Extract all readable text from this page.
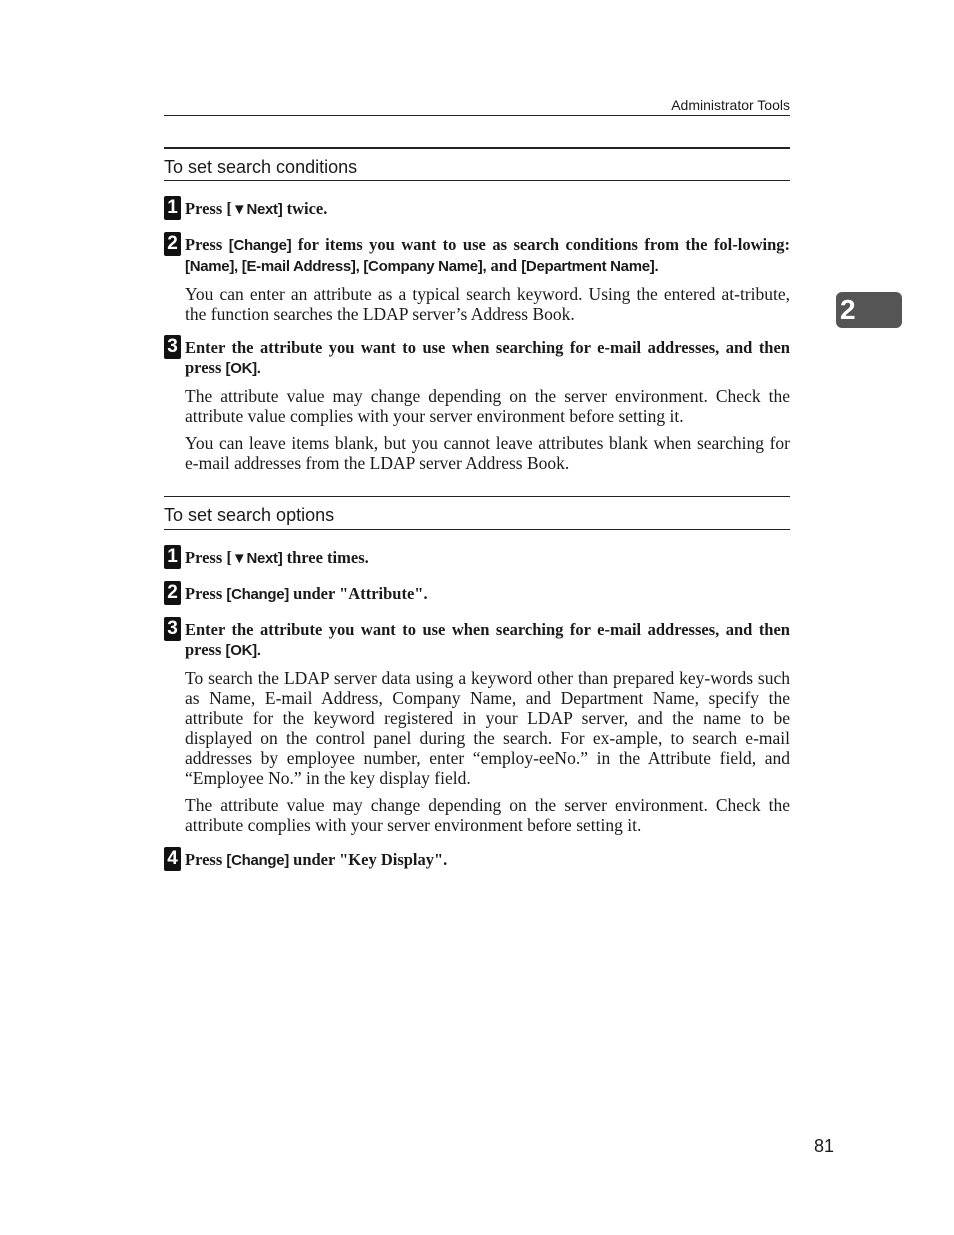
Administrator Tools
2
To set search conditions
1 Press [▼Next] twice.
2 Press [Change] for items you want to use as search conditions from the fol-lowing: [Name], [E-mail Address], [Company Name], and [Department Name].
You can enter an attribute as a typical search keyword. Using the entered at-tribute, the function searches the LDAP server’s Address Book.
3 Enter the attribute you want to use when searching for e-mail addresses, and then press [OK].
The attribute value may change depending on the server environment. Check the attribute value complies with your server environment before setting it.
You can leave items blank, but you cannot leave attributes blank when searching for e-mail addresses from the LDAP server Address Book.
To set search options
1 Press [▼Next] three times.
2 Press [Change] under "Attribute".
3 Enter the attribute you want to use when searching for e-mail addresses, and then press [OK].
To search the LDAP server data using a keyword other than prepared key-words such as Name, E-mail Address, Company Name, and Department Name, specify the attribute for the keyword registered in your LDAP server, and the name to be displayed on the control panel during the search. For ex-ample, to search e-mail addresses by employee number, enter “employ-eeNo.” in the Attribute field, and “Employee No.” in the key display field.
The attribute value may change depending on the server environment. Check the attribute complies with your server environment before setting it.
4 Press [Change] under "Key Display".
81
